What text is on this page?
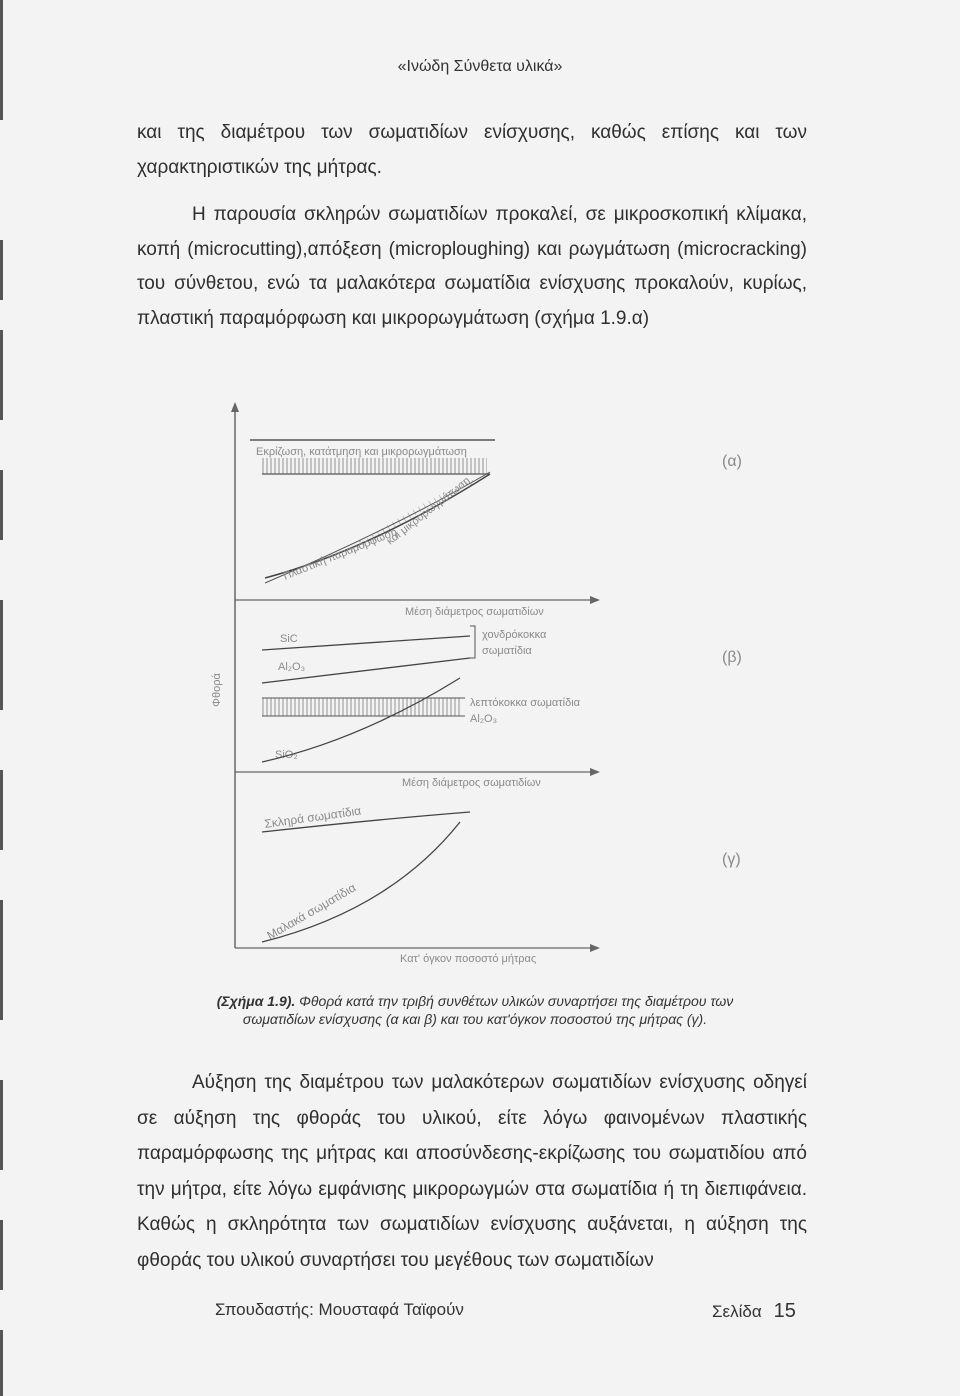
«Ινώδη Σύνθετα υλικά»

και της διαμέτρου των σωματιδίων ενίσχυσης, καθώς επίσης και των χαρακτηριστικών της μήτρας.

Η παρουσία σκληρών σωματιδίων προκαλεί, σε μικροσκοπική κλίμακα, κοπή (microcutting),απόξεση (microploughing) και ρωγμάτωση (microcracking) του σύνθετου, ενώ τα μαλακότερα σωματίδια ενίσχυσης προκαλούν, κυρίως, πλαστική παραμόρφωση και μικρορωγμάτωση (σχήμα 1.9.α)

Φθορά
Εκρίζωση, κατάτμηση και μικρορωγμάτωση
και μικρορωγμάτωση
Πλαστική παραμόρφωση
Μέση διάμετρος σωματιδίων
(α)
SiC	χονδρόκοκκα
σωματίδια
Al₂O₃
λεπτόκοκκα σωματίδια
Al₂O₃
SiO₂
Μέση διάμετρος σωματιδίων
(β)
Σκληρά σωματίδια
Μαλακά σωματίδια
Κατ' όγκον ποσοστό μήτρας
(γ)
(Σχήμα 1.9). Φθορά κατά την τριβή συνθέτων υλικών συναρτήσει της διαμέτρου των σωματιδίων ενίσχυσης (α και β) και του κατ'όγκον ποσοστού της μήτρας (γ).

Αύξηση της διαμέτρου των μαλακότερων σωματιδίων ενίσχυσης οδηγεί σε αύξηση της φθοράς του υλικού, είτε λόγω φαινομένων πλαστικής παραμόρφωσης της μήτρας και αποσύνδεσης-εκρίζωσης του σωματιδίου από την μήτρα, είτε λόγω εμφάνισης μικρορωγμών στα σωματίδια ή τη διεπιφάνεια. Καθώς η σκληρότητα των σωματιδίων ενίσχυσης αυξάνεται, η αύξηση της φθοράς του υλικού συναρτήσει του μεγέθους των σωματιδίων

Σπουδαστής: Μουσταφά Ταϊφούν	Σελίδα 15
